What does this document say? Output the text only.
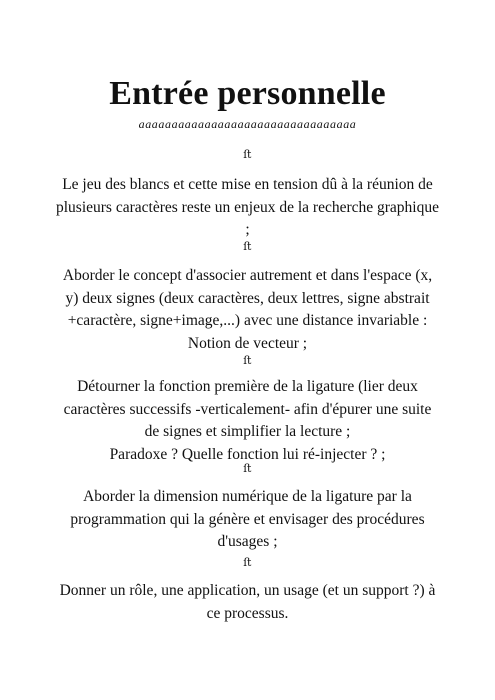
Entrée personnelle
aaaaaaaaaaaaaaaaaaaaaaaaaaaaaaaaa
ﬅ

Le jeu des blancs et cette mise en tension dû à la réunion de
plusieurs caractères reste un enjeux de la recherche graphique
;

ﬅ

Aborder le concept d'associer autrement et dans l'espace (x,
y) deux signes (deux caractères, deux lettres, signe abstrait
+caractère, signe+image,...) avec une distance invariable :
Notion de vecteur ;

ﬅ

Détourner la fonction première de la ligature (lier deux
caractères successifs -verticalement- afin d'épurer une suite
de signes et simplifier la lecture ;
Paradoxe ? Quelle fonction lui ré-injecter ? ;

ﬅ

Aborder la dimension numérique de la ligature par la
programmation qui la génère et envisager des procédures
d'usages ;

ﬅ

Donner un rôle, une application, un usage (et un support ?) à
ce processus.
